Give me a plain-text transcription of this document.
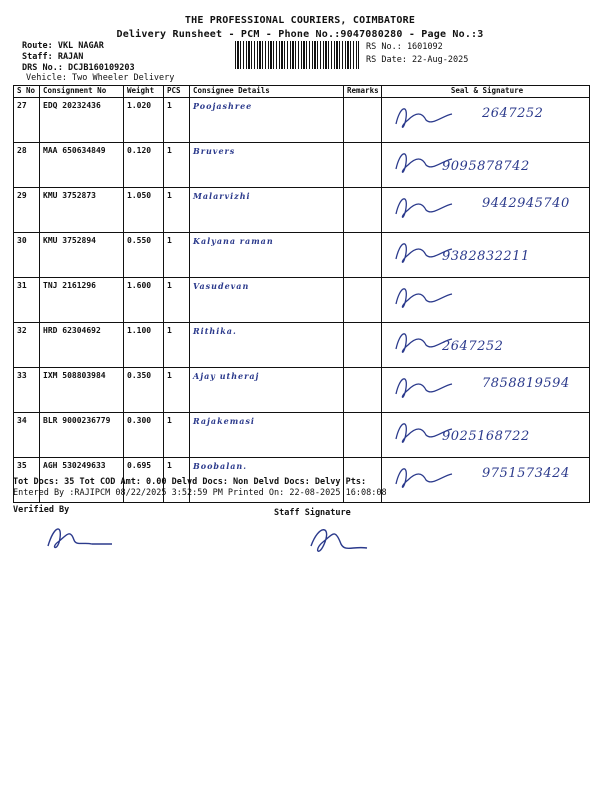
THE PROFESSIONAL COURIERS, COIMBATORE
Delivery Runsheet - PCM - Phone No.:9047080280 - Page No.:3
Route: VKL NAGAR
Staff: RAJAN
DRS No.: DCJB160109203
Vehicle: Two Wheeler Delivery
RS No.: 1601092
RS Date: 22-Aug-2025
S No	Consignment No	Weight	PCS	Consignee Details	Remarks	Seal & Signature
27	EDQ 20232436	1.020	1	Poojashree		2647252

28	MAA 650634849	0.120	1	Bruvers		9095878742

29	KMU 3752873	1.050	1	Malarvizhi		9442945740

30	KMU 3752894	0.550	1	Kalyana raman		9382832211

31	TNJ 2161296	1.600	1	Vasudevan		

32	HRD 62304692	1.100	1	Rithika.		2647252

33	IXM 508803984	0.350	1	Ajay utheraj		7858819594

34	BLR 9000236779	0.300	1	Rajakemasi		9025168722

35	AGH 530249633	0.695	1	Boobalan.		9751573424
Tot Docs: 35 Tot COD Amt: 0.00 Delvd Docs: Non Delvd Docs: Delvy Pts:
Entered By :RAJIPCM 08/22/2025 3:52:59 PM Printed On: 22-08-2025 16:08:08
Verified By	Staff Signature
